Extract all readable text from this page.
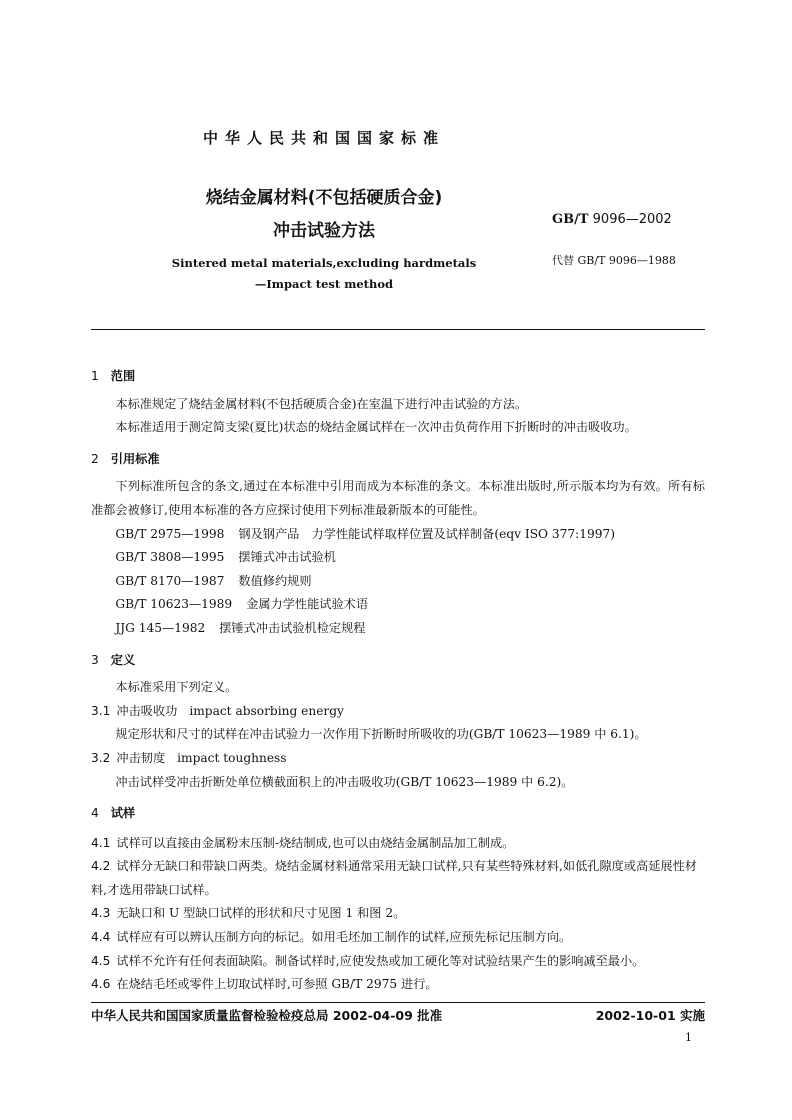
中华人民共和国国家标准
烧结金属材料(不包括硬质合金)
冲击试验方法
GB/T 9096—2002
Sintered metal materials,excluding hardmetals
—Impact test method
代替 GB/T 9096—1988
1 范围
本标准规定了烧结金属材料(不包括硬质合金)在室温下进行冲击试验的方法。
本标准适用于测定简支梁(夏比)状态的烧结金属试样在一次冲击负荷作用下折断时的冲击吸收功。
2 引用标准
下列标准所包含的条文,通过在本标准中引用而成为本标准的条文。本标准出版时,所示版本均为有效。所有标准都会被修订,使用本标准的各方应探讨使用下列标准最新版本的可能性。
GB/T 2975—1998 钢及钢产品　力学性能试样取样位置及试样制备(eqv ISO 377:1997)
GB/T 3808—1995 摆锤式冲击试验机
GB/T 8170—1987 数值修约规则
GB/T 10623—1989 金属力学性能试验术语
JJG 145—1982 摆锤式冲击试验机检定规程
3 定义
本标准采用下列定义。
3.1 冲击吸收功 impact absorbing energy
规定形状和尺寸的试样在冲击试验力一次作用下折断时所吸收的功(GB/T 10623—1989 中 6.1)。
3.2 冲击韧度 impact toughness
冲击试样受冲击折断处单位横截面积上的冲击吸收功(GB/T 10623—1989 中 6.2)。
4 试样
4.1 试样可以直接由金属粉末压制-烧结制成,也可以由烧结金属制品加工制成。
4.2 试样分无缺口和带缺口两类。烧结金属材料通常采用无缺口试样,只有某些特殊材料,如低孔隙度或高延展性材料,才选用带缺口试样。
4.3 无缺口和 U 型缺口试样的形状和尺寸见图 1 和图 2。
4.4 试样应有可以辨认压制方向的标记。如用毛坯加工制作的试样,应预先标记压制方向。
4.5 试样不允许有任何表面缺陷。制备试样时,应使发热或加工硬化等对试验结果产生的影响减至最小。
4.6 在烧结毛坯或零件上切取试样时,可参照 GB/T 2975 进行。
中华人民共和国国家质量监督检验检疫总局 2002-04-09 批准	2002-10-01 实施
1
